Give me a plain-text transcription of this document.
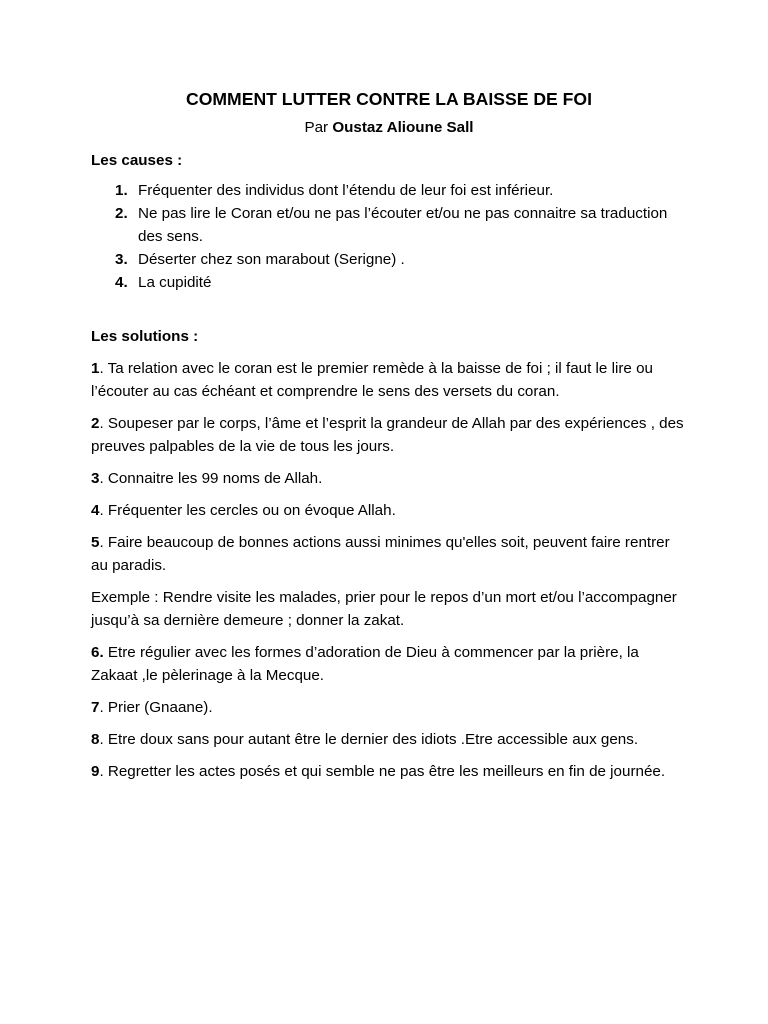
COMMENT LUTTER CONTRE LA BAISSE DE FOI

Par Oustaz Alioune Sall

Les causes :

1. Fréquenter des individus dont l’étendu de leur foi est inférieur.
2. Ne pas lire le Coran et/ou ne pas l’écouter et/ou ne pas connaitre sa traduction des sens.
3. Déserter chez son marabout (Serigne) .
4. La cupidité

Les solutions :

1. Ta relation avec le coran est le premier remède à la baisse de foi ; il faut le lire ou l’écouter au cas échéant et comprendre le sens des versets du coran.

2. Soupeser par le corps, l’âme et l’esprit la grandeur de Allah par des expériences , des preuves palpables de la vie de tous les jours.

3. Connaitre les 99 noms de Allah.

4. Fréquenter les cercles ou on évoque Allah.

5. Faire beaucoup de bonnes actions aussi minimes qu'elles soit, peuvent faire rentrer au paradis.

Exemple : Rendre visite les malades, prier pour le repos d’un mort et/ou l’accompagner jusqu’à sa dernière demeure ; donner la zakat.

6. Etre régulier avec les formes d’adoration de Dieu à commencer par la prière, la Zakaat ,le pèlerinage à la Mecque.

7. Prier (Gnaane).

8. Etre doux sans pour autant être le dernier des idiots .Etre accessible aux gens.

9. Regretter les actes posés et qui semble ne pas être les meilleurs en fin de journée.
